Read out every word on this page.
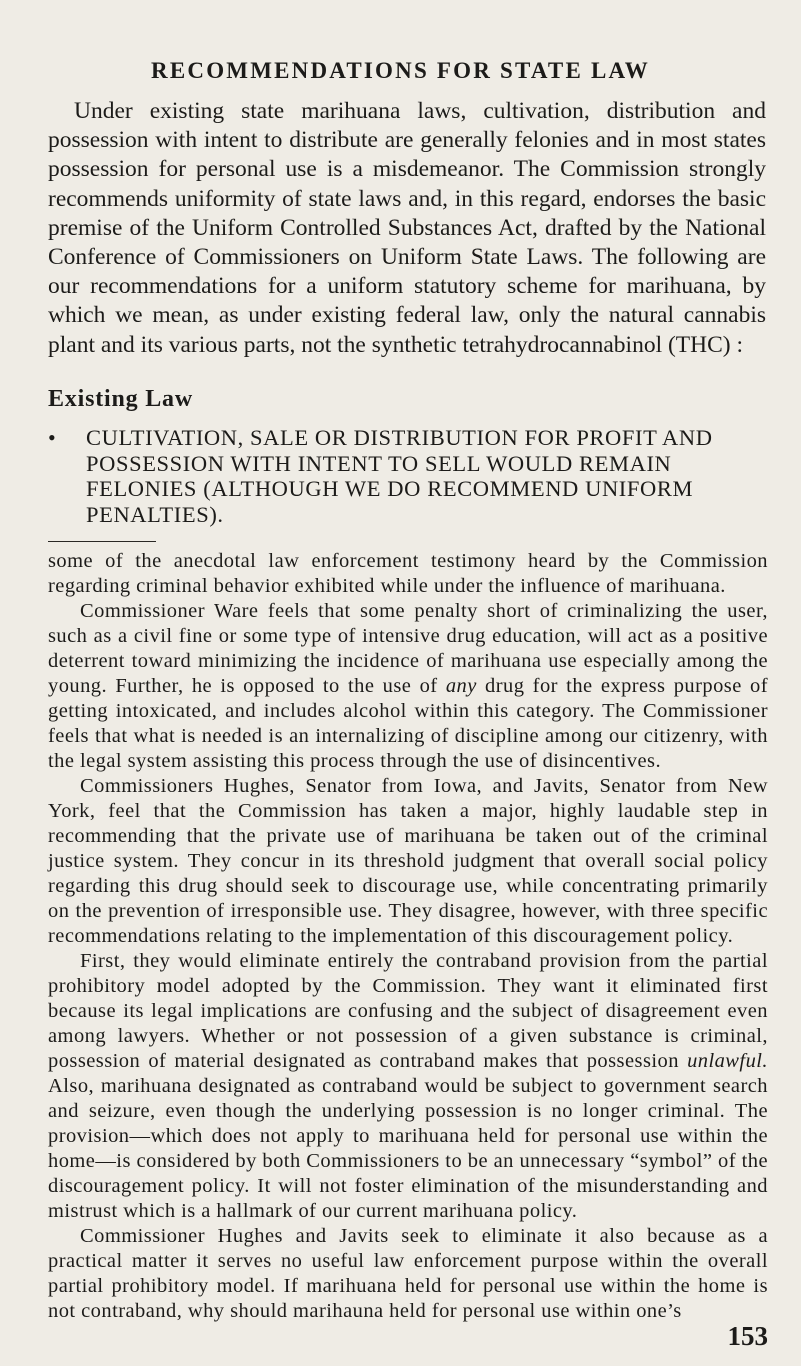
RECOMMENDATIONS FOR STATE LAW

Under existing state marihuana laws, cultivation, distribution and possession with intent to distribute are generally felonies and in most states possession for personal use is a misdemeanor. The Commission strongly recommends uniformity of state laws and, in this regard, endorses the basic premise of the Uniform Controlled Substances Act, drafted by the National Conference of Commissioners on Uniform State Laws. The following are our recommendations for a uniform statutory scheme for marihuana, by which we mean, as under existing federal law, only the natural cannabis plant and its various parts, not the synthetic tetrahydrocannabinol (THC) :

Existing Law
•	CULTIVATION, SALE OR DISTRIBUTION FOR PROFIT AND POSSESSION WITH INTENT TO SELL WOULD REMAIN FELONIES (ALTHOUGH WE DO RECOMMEND UNIFORM PENALTIES).

some of the anecdotal law enforcement testimony heard by the Commission regarding criminal behavior exhibited while under the influence of marihuana.

Commissioner Ware feels that some penalty short of criminalizing the user, such as a civil fine or some type of intensive drug education, will act as a positive deterrent toward minimizing the incidence of marihuana use especially among the young. Further, he is opposed to the use of any drug for the express purpose of getting intoxicated, and includes alcohol within this category. The Commissioner feels that what is needed is an internalizing of discipline among our citizenry, with the legal system assisting this process through the use of disincentives.

Commissioners Hughes, Senator from Iowa, and Javits, Senator from New York, feel that the Commission has taken a major, highly laudable step in recommending that the private use of marihuana be taken out of the criminal justice system. They concur in its threshold judgment that overall social policy regarding this drug should seek to discourage use, while concentrating primarily on the prevention of irresponsible use. They disagree, however, with three specific recommendations relating to the implementation of this discouragement policy.

First, they would eliminate entirely the contraband provision from the partial prohibitory model adopted by the Commission. They want it eliminated first because its legal implications are confusing and the subject of disagreement even among lawyers. Whether or not possession of a given substance is criminal, possession of material designated as contraband makes that possession unlawful. Also, marihuana designated as contraband would be subject to government search and seizure, even though the underlying possession is no longer criminal. The provision—which does not apply to marihuana held for personal use within the home—is considered by both Commissioners to be an unnecessary “symbol” of the discouragement policy. It will not foster elimination of the misunderstanding and mistrust which is a hallmark of our current marihuana policy.

Commissioner Hughes and Javits seek to eliminate it also because as a practical matter it serves no useful law enforcement purpose within the overall partial prohibitory model. If marihuana held for personal use within the home is not contraband, why should marihauna held for personal use within one’s

153
